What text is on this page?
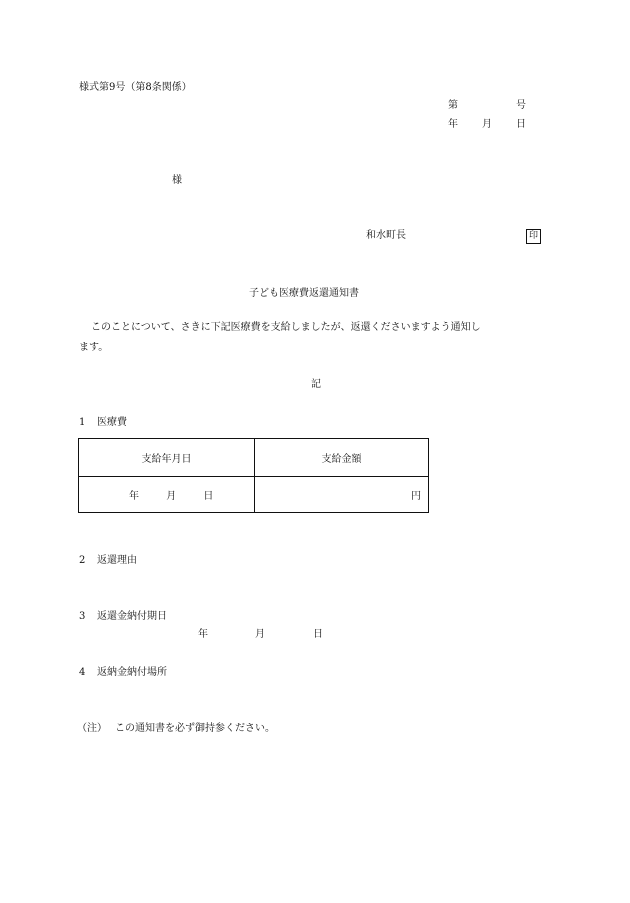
様式第9号（第8条関係）
第	号
年 月 日
様
和水町長	印
子ども医療費返還通知書
このことについて、さきに下記医療費を支給しましたが、返還くださいますよう通知し
ます。
記
1 医療費
支給年月日	支給金額
年 月 日	円
2 返還理由
3 返還金納付期日
年	月	日
4 返納金納付場所
（注） この通知書を必ず御持参ください。
